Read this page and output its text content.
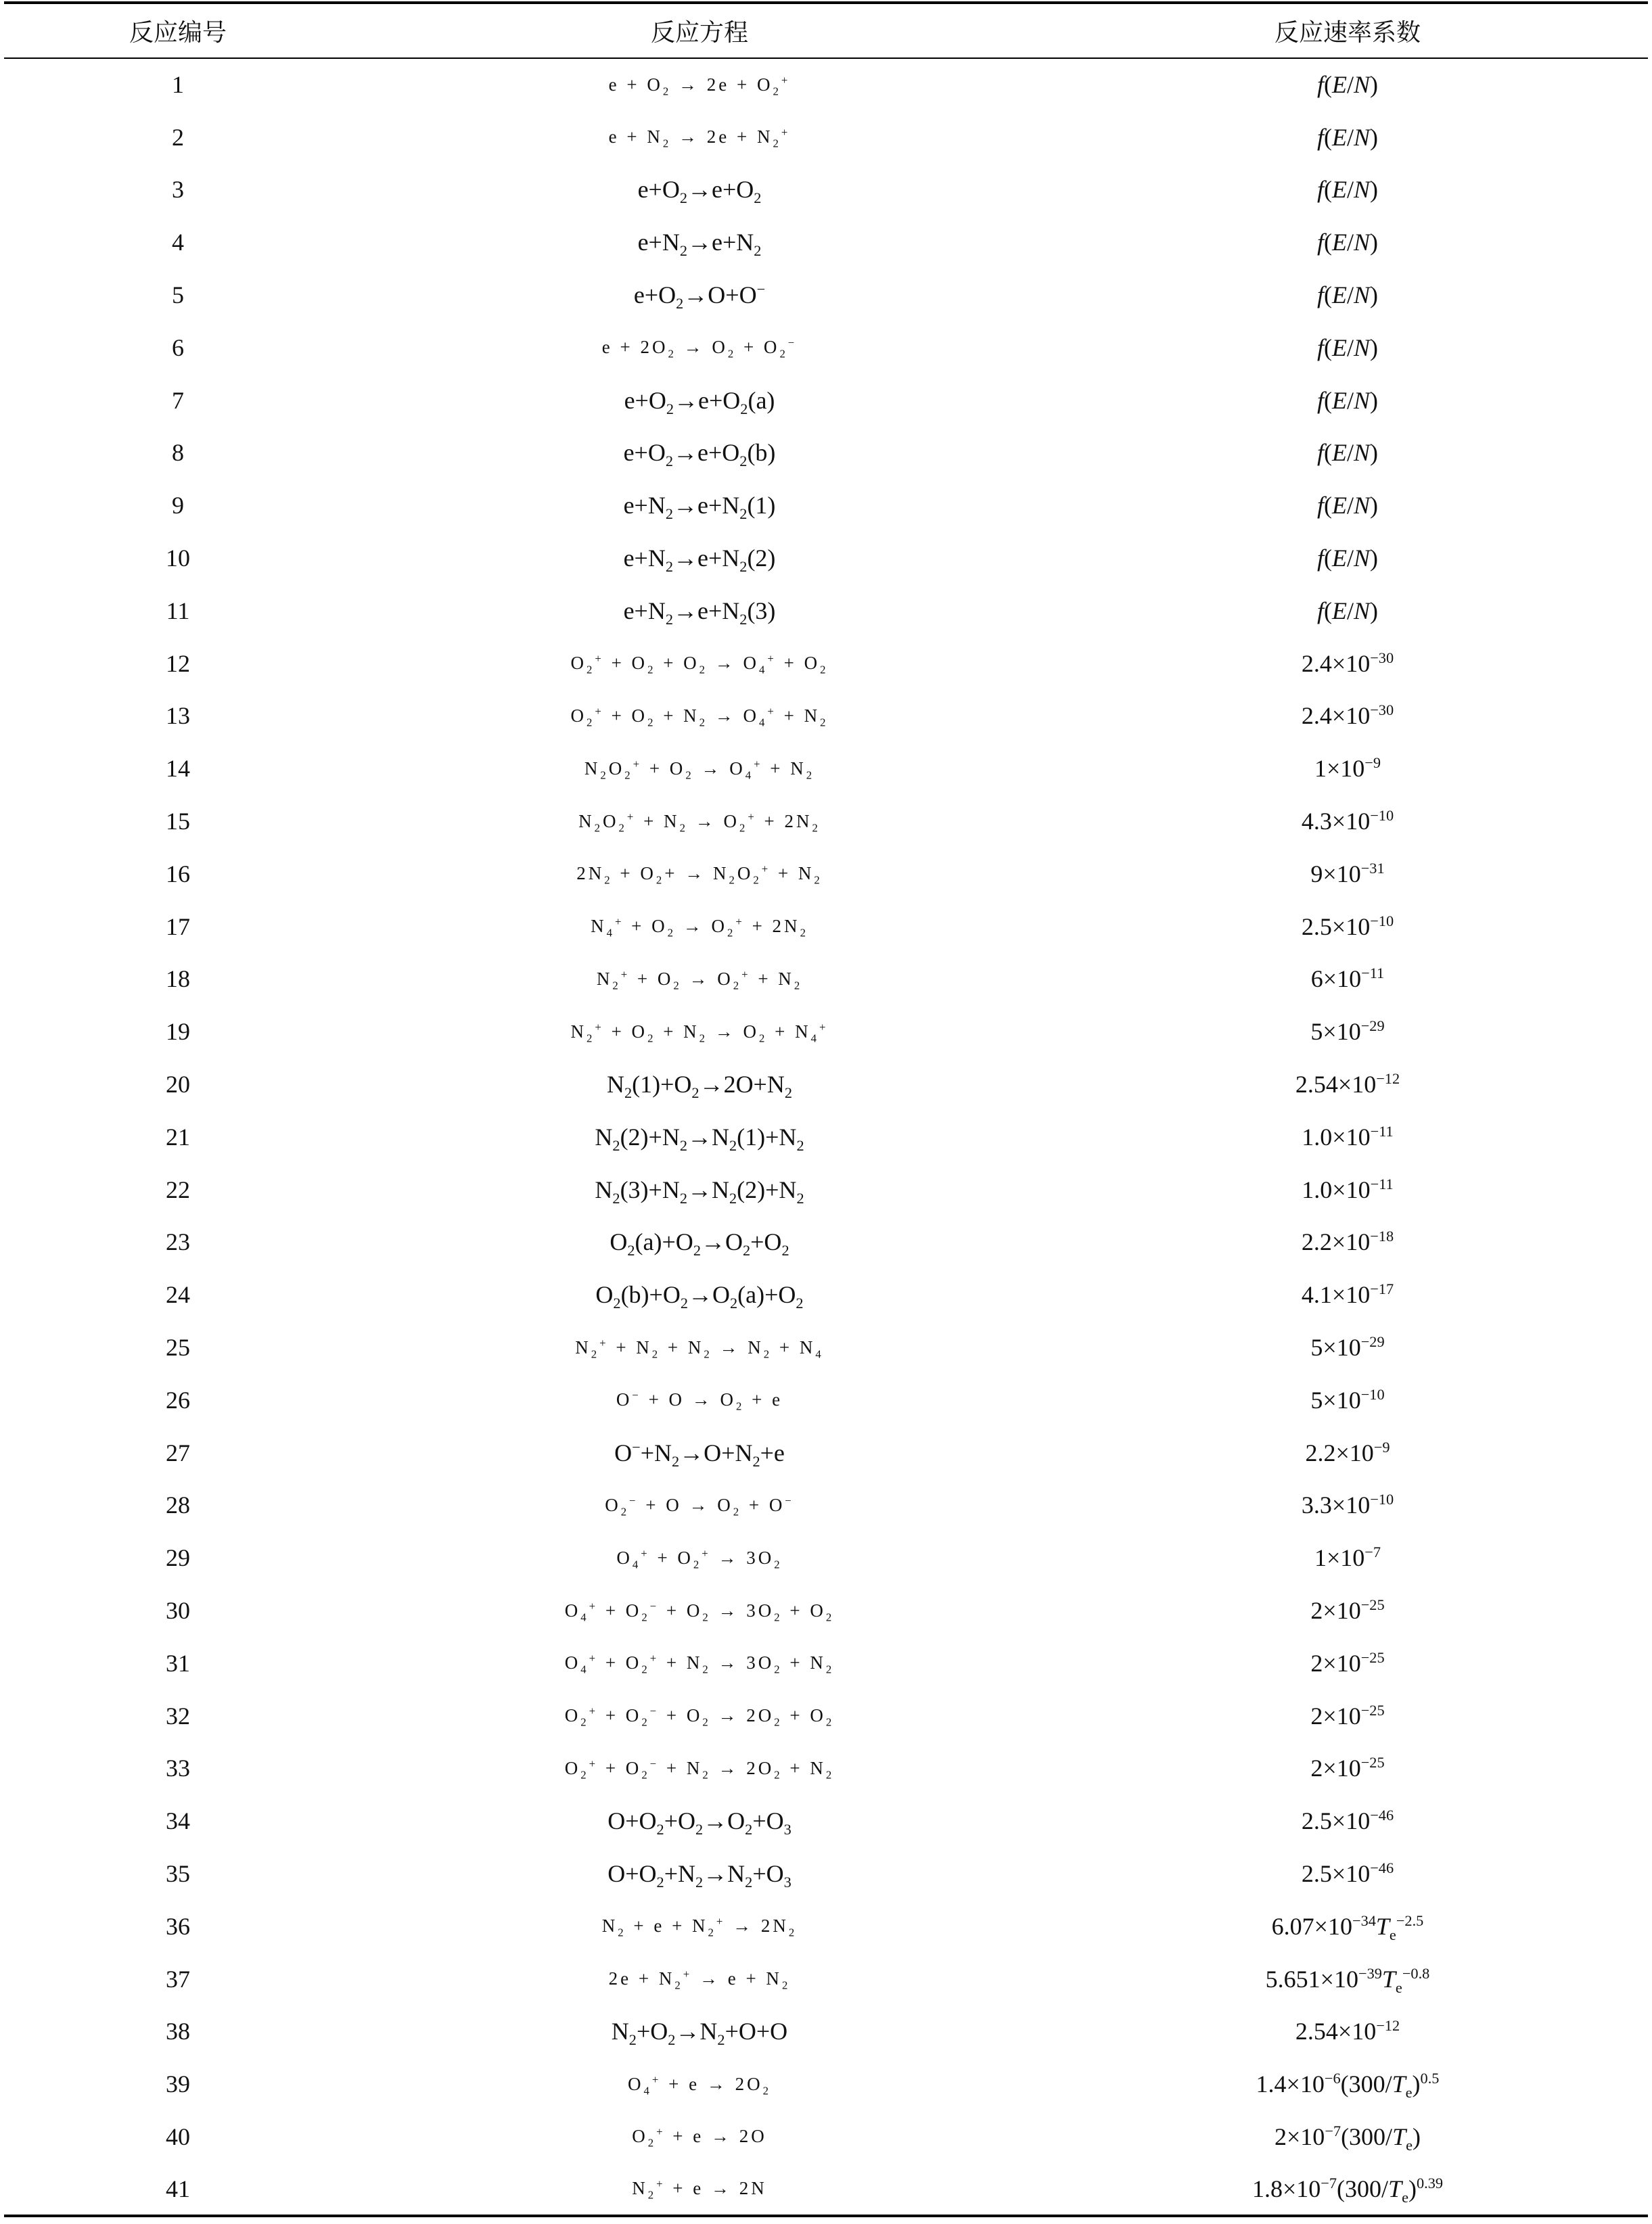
反应编号	反应方程	反应速率系数
1	$e + O_2 \to 2e + O_2^+$	f(E/N)
2	$e + N_2 \to 2e + N_2^+$	f(E/N)
3	$e+O_2\to e+O_2$	f(E/N)
4	$e+N_2\to e+N_2$	f(E/N)
5	$e+O_2\to O+O^-$	f(E/N)
6	$e + 2O_2 \to O_2 + O_2^-$	f(E/N)
7	$e+O_2\to e+O_2(a)$	f(E/N)
8	$e+O_2\to e+O_2(b)$	f(E/N)
9	$e+N_2\to e+N_2(1)$	f(E/N)
10	$e+N_2\to e+N_2(2)$	f(E/N)
11	$e+N_2\to e+N_2(3)$	f(E/N)
12	$O_2^+ + O_2 + O_2 \to O_4^+ + O_2$	$2.4\times 10^{-30}$
13	$O_2^+ + O_2 + N_2 \to O_4^+ + N_2$	$2.4\times 10^{-30}$
14	$N_2O_2^+ + O_2 \to O_4^+ + N_2$	$1\times 10^{-9}$
15	$N_2O_2^+ + N_2 \to O_2^+ + 2N_2$	$4.3\times 10^{-10}$
16	$2N_2 + O_2+ \to N_2O_2^+ + N_2$	$9\times 10^{-31}$
17	$N_4^+ + O_2 \to O_2^+ + 2N_2$	$2.5\times 10^{-10}$
18	$N_2^+ + O_2 \to O_2^+ + N_2$	$6\times 10^{-11}$
19	$N_2^+ + O_2 + N_2 \to O_2 + N_4^+$	$5\times 10^{-29}$
20	$N_2(1)+O_2\to 2O+N_2$	$2.54\times 10^{-12}$
21	$N_2(2)+N_2\to N_2(1)+N_2$	$1.0\times 10^{-11}$
22	$N_2(3)+N_2\to N_2(2)+N_2$	$1.0\times 10^{-11}$
23	$O_2(a)+O_2\to O_2+O_2$	$2.2\times 10^{-18}$
24	$O_2(b)+O_2\to O_2(a)+O_2$	$4.1\times 10^{-17}$
25	$N_2^+ + N_2 + N_2 \to N_2 + N_4$	$5\times 10^{-29}$
26	$O^- + O \to O_2 + e$	$5\times 10^{-10}$
27	$O^-+N_2\to O+N_2+e$	$2.2\times 10^{-9}$
28	$O_2^- + O \to O_2 + O^-$	$3.3\times 10^{-10}$
29	$O_4^+ + O_2^+ \to 3O_2$	$1\times 10^{-7}$
30	$O_4^+ + O_2^- + O_2 \to 3O_2 + O_2$	$2\times 10^{-25}$
31	$O_4^+ + O_2^+ + N_2 \to 3O_2 + N_2$	$2\times 10^{-25}$
32	$O_2^+ + O_2^- + O_2 \to 2O_2 + O_2$	$2\times 10^{-25}$
33	$O_2^+ + O_2^- + N_2 \to 2O_2 + N_2$	$2\times 10^{-25}$
34	$O+O_2+O_2\to O_2+O_3$	$2.5\times 10^{-46}$
35	$O+O_2+N_2\to N_2+O_3$	$2.5\times 10^{-46}$
36	$N_2 + e + N_2^+ \to 2N_2$	$6.07\times 10^{-34}T_e^{-2.5}$
37	$2e + N_2^+ \to e + N_2$	$5.651\times 10^{-39}T_e^{-0.8}$
38	$N_2+O_2\to N_2+O+O$	$2.54\times 10^{-12}$
39	$O_4^+ + e \to 2O_2$	$1.4\times 10^{-6}(300/T_e)^{0.5}$
40	$O_2^+ + e \to 2O$	$2\times 10^{-7}(300/T_e)$
41	$N_2^+ + e \to 2N$	$1.8\times 10^{-7}(300/T_e)^{0.39}$
